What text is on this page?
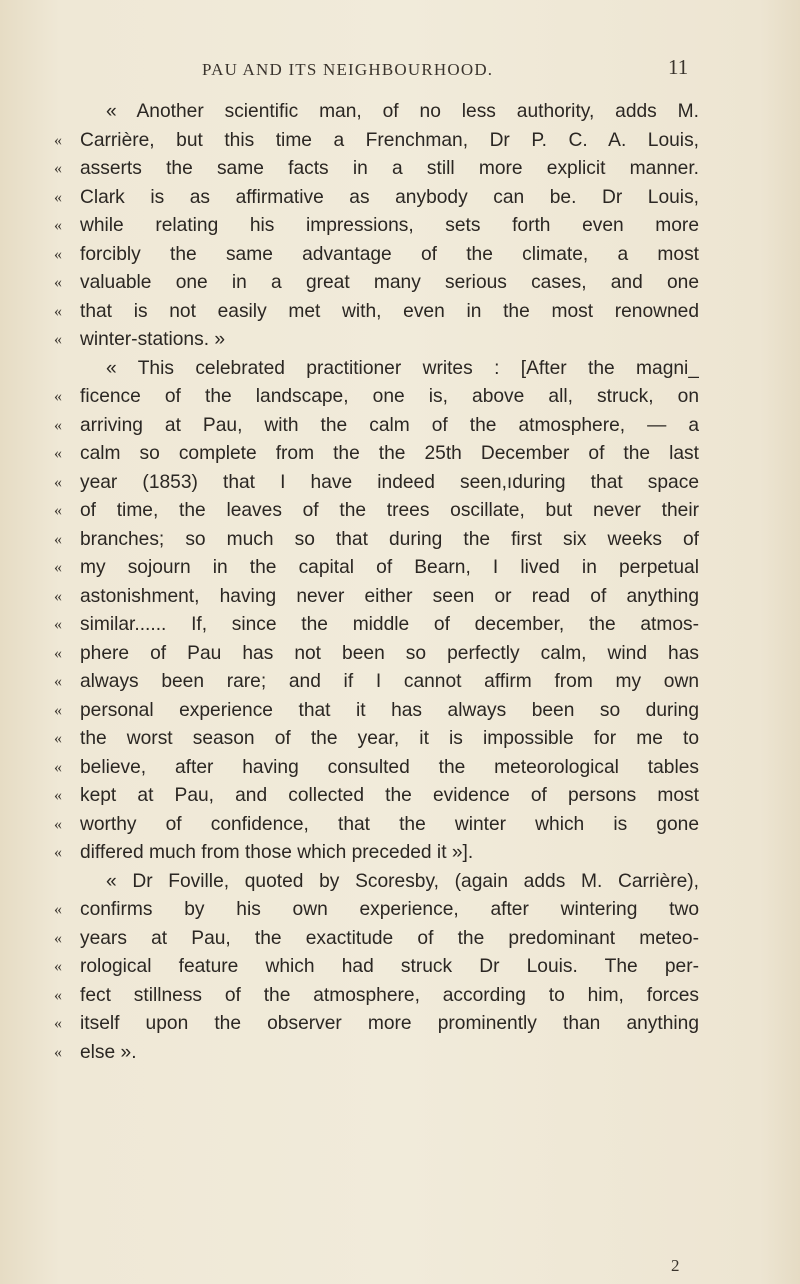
PAU AND ITS NEIGHBOURHOOD.	11
« Another scientific man, of no less authority, adds M.
« Carrière, but this time a Frenchman, Dr P. C. A. Louis,
« asserts the same facts in a still more explicit manner.
« Clark is as affirmative as anybody can be. Dr Louis,
« while relating his impressions, sets forth even more
« forcibly the same advantage of the climate, a most
« valuable one in a great many serious cases, and one
« that is not easily met with, even in the most renowned
« winter-stations. »
« This celebrated practitioner writes : [After the magni_
« ficence of the landscape, one is, above all, struck, on
« arriving at Pau, with the calm of the atmosphere, — a
« calm so complete from the the 25th December of the last
« year (1853) that I have indeed seen,ıduring that space
« of time, the leaves of the trees oscillate, but never their
« branches; so much so that during the first six weeks of
« my sojourn in the capital of Bearn, I lived in perpetual
« astonishment, having never either seen or read of anything
« similar...... If, since the middle of december, the atmos-
« phere of Pau has not been so perfectly calm, wind has
« always been rare; and if I cannot affirm from my own
« personal experience that it has always been so during
« the worst season of the year, it is impossible for me to
« believe, after having consulted the meteorological tables
« kept at Pau, and collected the evidence of persons most
« worthy of confidence, that the winter which is gone
« differed much from those which preceded it »].
« Dr Foville, quoted by Scoresby, (again adds M. Carrière),
« confirms by his own experience, after wintering two
« years at Pau, the exactitude of the predominant meteo-
« rological feature which had struck Dr Louis. The per-
« fect stillness of the atmosphere, according to him, forces
« itself upon the observer more prominently than anything
« else ».
2
